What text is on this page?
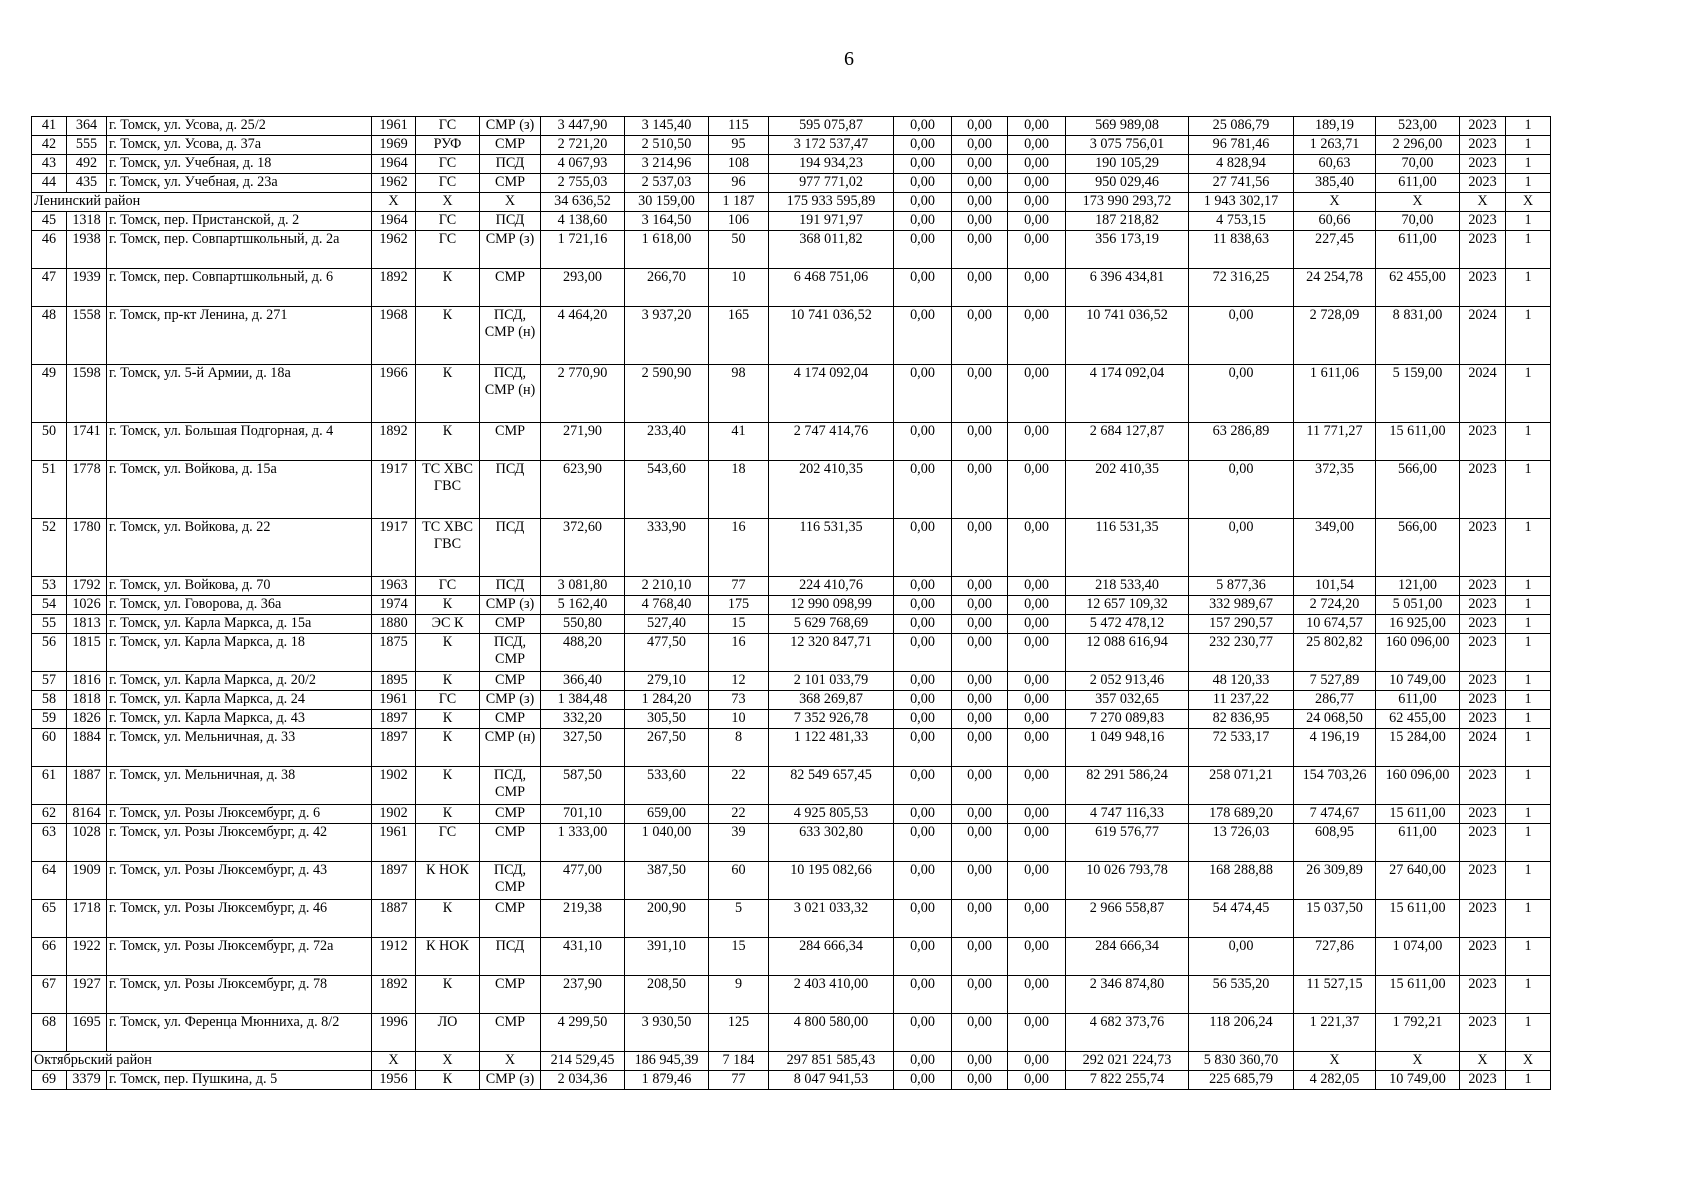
6
41	364	г. Томск, ул. Усова, д. 25/2	1961	ГС	СМР (з)	3 447,90	3 145,40	115	595 075,87	0,00	0,00	0,00	569 989,08	25 086,79	189,19	523,00	2023	1
42	555	г. Томск, ул. Усова, д. 37а	1969	РУФ	СМР	2 721,20	2 510,50	95	3 172 537,47	0,00	0,00	0,00	3 075 756,01	96 781,46	1 263,71	2 296,00	2023	1
43	492	г. Томск, ул. Учебная, д. 18	1964	ГС	ПСД	4 067,93	3 214,96	108	194 934,23	0,00	0,00	0,00	190 105,29	4 828,94	60,63	70,00	2023	1
44	435	г. Томск, ул. Учебная, д. 23а	1962	ГС	СМР	2 755,03	2 537,03	96	977 771,02	0,00	0,00	0,00	950 029,46	27 741,56	385,40	611,00	2023	1
Ленинский район			Х	Х	Х	34 636,52	30 159,00	1 187	175 933 595,89	0,00	0,00	0,00	173 990 293,72	1 943 302,17	Х	Х	Х	Х
45	1318	г. Томск, пер. Пристанской, д. 2	1964	ГС	ПСД	4 138,60	3 164,50	106	191 971,97	0,00	0,00	0,00	187 218,82	4 753,15	60,66	70,00	2023	1
46	1938	г. Томск, пер. Совпартшкольный, д. 2а	1962	ГС	СМР (з)	1 721,16	1 618,00	50	368 011,82	0,00	0,00	0,00	356 173,19	11 838,63	227,45	611,00	2023	1
47	1939	г. Томск, пер. Совпартшкольный, д. 6	1892	К	СМР	293,00	266,70	10	6 468 751,06	0,00	0,00	0,00	6 396 434,81	72 316,25	24 254,78	62 455,00	2023	1
48	1558	г. Томск, пр-кт Ленина, д. 271	1968	К	ПСД, СМР (н)	4 464,20	3 937,20	165	10 741 036,52	0,00	0,00	0,00	10 741 036,52	0,00	2 728,09	8 831,00	2024	1
49	1598	г. Томск, ул. 5-й Армии, д. 18а	1966	К	ПСД, СМР (н)	2 770,90	2 590,90	98	4 174 092,04	0,00	0,00	0,00	4 174 092,04	0,00	1 611,06	5 159,00	2024	1
50	1741	г. Томск, ул. Большая Подгорная, д. 4	1892	К	СМР	271,90	233,40	41	2 747 414,76	0,00	0,00	0,00	2 684 127,87	63 286,89	11 771,27	15 611,00	2023	1
51	1778	г. Томск, ул. Войкова, д. 15а	1917	ТС ХВС ГВС	ПСД	623,90	543,60	18	202 410,35	0,00	0,00	0,00	202 410,35	0,00	372,35	566,00	2023	1
52	1780	г. Томск, ул. Войкова, д. 22	1917	ТС ХВС ГВС	ПСД	372,60	333,90	16	116 531,35	0,00	0,00	0,00	116 531,35	0,00	349,00	566,00	2023	1
53	1792	г. Томск, ул. Войкова, д. 70	1963	ГС	ПСД	3 081,80	2 210,10	77	224 410,76	0,00	0,00	0,00	218 533,40	5 877,36	101,54	121,00	2023	1
54	1026	г. Томск, ул. Говорова, д. 36а	1974	К	СМР (з)	5 162,40	4 768,40	175	12 990 098,99	0,00	0,00	0,00	12 657 109,32	332 989,67	2 724,20	5 051,00	2023	1
55	1813	г. Томск, ул. Карла Маркса, д. 15а	1880	ЭС К	СМР	550,80	527,40	15	5 629 768,69	0,00	0,00	0,00	5 472 478,12	157 290,57	10 674,57	16 925,00	2023	1
56	1815	г. Томск, ул. Карла Маркса, д. 18	1875	К	ПСД, СМР	488,20	477,50	16	12 320 847,71	0,00	0,00	0,00	12 088 616,94	232 230,77	25 802,82	160 096,00	2023	1
57	1816	г. Томск, ул. Карла Маркса, д. 20/2	1895	К	СМР	366,40	279,10	12	2 101 033,79	0,00	0,00	0,00	2 052 913,46	48 120,33	7 527,89	10 749,00	2023	1
58	1818	г. Томск, ул. Карла Маркса, д. 24	1961	ГС	СМР (з)	1 384,48	1 284,20	73	368 269,87	0,00	0,00	0,00	357 032,65	11 237,22	286,77	611,00	2023	1
59	1826	г. Томск, ул. Карла Маркса, д. 43	1897	К	СМР	332,20	305,50	10	7 352 926,78	0,00	0,00	0,00	7 270 089,83	82 836,95	24 068,50	62 455,00	2023	1
60	1884	г. Томск, ул. Мельничная, д. 33	1897	К	СМР (н)	327,50	267,50	8	1 122 481,33	0,00	0,00	0,00	1 049 948,16	72 533,17	4 196,19	15 284,00	2024	1
61	1887	г. Томск, ул. Мельничная, д. 38	1902	К	ПСД, СМР	587,50	533,60	22	82 549 657,45	0,00	0,00	0,00	82 291 586,24	258 071,21	154 703,26	160 096,00	2023	1
62	8164	г. Томск, ул. Розы Люксембург, д. 6	1902	К	СМР	701,10	659,00	22	4 925 805,53	0,00	0,00	0,00	4 747 116,33	178 689,20	7 474,67	15 611,00	2023	1
63	1028	г. Томск, ул. Розы Люксембург, д. 42	1961	ГС	СМР	1 333,00	1 040,00	39	633 302,80	0,00	0,00	0,00	619 576,77	13 726,03	608,95	611,00	2023	1
64	1909	г. Томск, ул. Розы Люксембург, д. 43	1897	К НОК	ПСД, СМР	477,00	387,50	60	10 195 082,66	0,00	0,00	0,00	10 026 793,78	168 288,88	26 309,89	27 640,00	2023	1
65	1718	г. Томск, ул. Розы Люксембург, д. 46	1887	К	СМР	219,38	200,90	5	3 021 033,32	0,00	0,00	0,00	2 966 558,87	54 474,45	15 037,50	15 611,00	2023	1
66	1922	г. Томск, ул. Розы Люксембург, д. 72а	1912	К НОК	ПСД	431,10	391,10	15	284 666,34	0,00	0,00	0,00	284 666,34	0,00	727,86	1 074,00	2023	1
67	1927	г. Томск, ул. Розы Люксембург, д. 78	1892	К	СМР	237,90	208,50	9	2 403 410,00	0,00	0,00	0,00	2 346 874,80	56 535,20	11 527,15	15 611,00	2023	1
68	1695	г. Томск, ул. Ференца Мюнниха, д. 8/2	1996	ЛО	СМР	4 299,50	3 930,50	125	4 800 580,00	0,00	0,00	0,00	4 682 373,76	118 206,24	1 221,37	1 792,21	2023	1
Октябрьский район			Х	Х	Х	214 529,45	186 945,39	7 184	297 851 585,43	0,00	0,00	0,00	292 021 224,73	5 830 360,70	Х	Х	Х	Х
69	3379	г. Томск, пер. Пушкина, д. 5	1956	К	СМР (з)	2 034,36	1 879,46	77	8 047 941,53	0,00	0,00	0,00	7 822 255,74	225 685,79	4 282,05	10 749,00	2023	1
